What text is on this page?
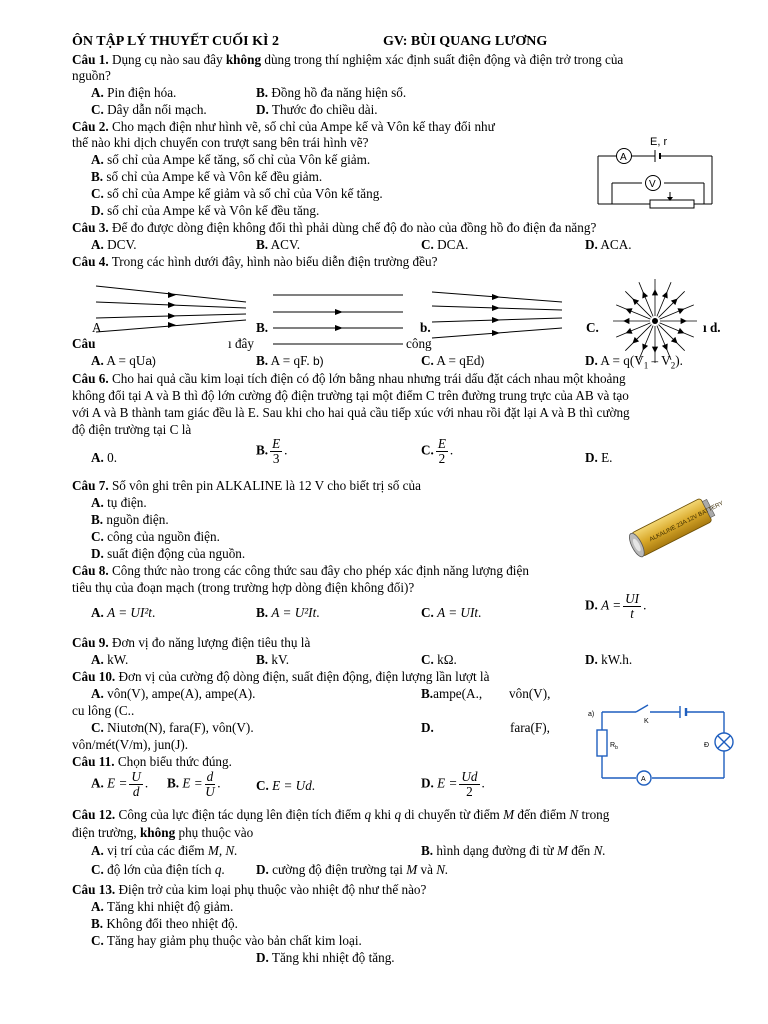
ÔN TẬP LÝ THUYẾT CUỐI KÌ 2	GV: BÙI QUANG LƯƠNG
Câu 1. Dụng cụ nào sau đây không dùng trong thí nghiệm xác định suất điện động và điện trở trong của
nguồn?
A. Pin điện hóa.	B. Đồng hồ đa năng hiện số.
C. Dây dẫn nối mạch.	D. Thước đo chiều dài.
Câu 2. Cho mạch điện như hình vẽ, số chỉ của Ampe kế và Vôn kế thay đổi như
thế nào khi dịch chuyển con trượt sang bên trái hình vẽ?
A. số chỉ của Ampe kế tăng, số chỉ của Vôn kế giảm.
B. số chỉ của Ampe kế và Vôn kế đều giảm.
C. số chỉ của Ampe kế giảm và số chỉ của Vôn kế tăng.
D. số chỉ của Ampe kế và Vôn kế đều tăng.
E, r
A
V
Câu 3. Để đo được dòng điện không đổi thì phải dùng chế độ đo nào của đồng hồ đo điện đa năng?
A. DCV.	B. ACV.	C. DCA.	D. ACA.
Câu 4. Trong các hình dưới đây, hình nào biểu diễn điện trường đều?
A	B.	b.	C.	ı d.
Câu	ı đây	công
A. A = qUa)	B. A = qF. b)	C. A = qEd)	D. $A = q(V_1 - V_2)$.
Câu 6. Cho hai quả cầu kim loại tích điện có độ lớn bằng nhau nhưng trái dấu đặt cách nhau một khoảng
không đổi tại A và B thì độ lớn cường độ điện trường tại một điểm C trên đường trung trực của AB và tạo
với A và B thành tam giác đều là E. Sau khi cho hai quả cầu tiếp xúc với nhau rồi đặt lại A và B thì cường
độ điện trường tại C là
A. 0.	B. $\frac{E}{3}$ .	C. $\frac{E}{2}$ .	D. E.
Câu 7. Số vôn ghi trên pin ALKALINE là 12 V cho biết trị số của
A. tụ điện.
B. nguồn điện.
C. công của nguồn điện.
D. suất điện động của nguồn.
ALKALINE 23A 12V BATTERY
Câu 8. Công thức nào trong các công thức sau đây cho phép xác định năng lượng điện
tiêu thụ của đoạn mạch (trong trường hợp dòng điện không đổi)?
A. A = UI²t.	B. A = U²It.	C. A = UIt.	D. $A = \frac{UI}{t}$ .
Câu 9. Đơn vị đo năng lượng điện tiêu thụ là
A. kW.	B. kV.	C. kΩ.	D. kW.h.
Câu 10. Đơn vị của cường độ dòng điện, suất điện động, điện lượng lần lượt là
A. vôn(V), ampe(A), ampe(A).	B.ampe(A., vôn(V),
cu lông (C..
C. Niutơn(N), fara(F), vôn(V).	D.	fara(F),
vôn/mét(V/m), jun(J).
a)
K
$R_b$	Đ
A
Câu 11. Chọn biểu thức đúng.
A. $E = \frac{U}{d}$ . B. $E = \frac{d}{U}$ .	C. E = Ud.	D. $E = \frac{Ud}{2}$ .
Câu 12. Công của lực điện tác dụng lên điện tích điểm q khi q di chuyển từ điểm M đến điểm N trong
điện trường, không phụ thuộc vào
A. vị trí của các điểm M, N.	B. hình dạng đường đi từ M đến N.
C. độ lớn của điện tích q. D. cường độ điện trường tại M và N.
Câu 13. Điện trở của kim loại phụ thuộc vào nhiệt độ như thế nào?
A. Tăng khi nhiệt độ giảm.
B. Không đổi theo nhiệt độ.
C. Tăng hay giảm phụ thuộc vào bản chất kim loại.
D. Tăng khi nhiệt độ tăng.
